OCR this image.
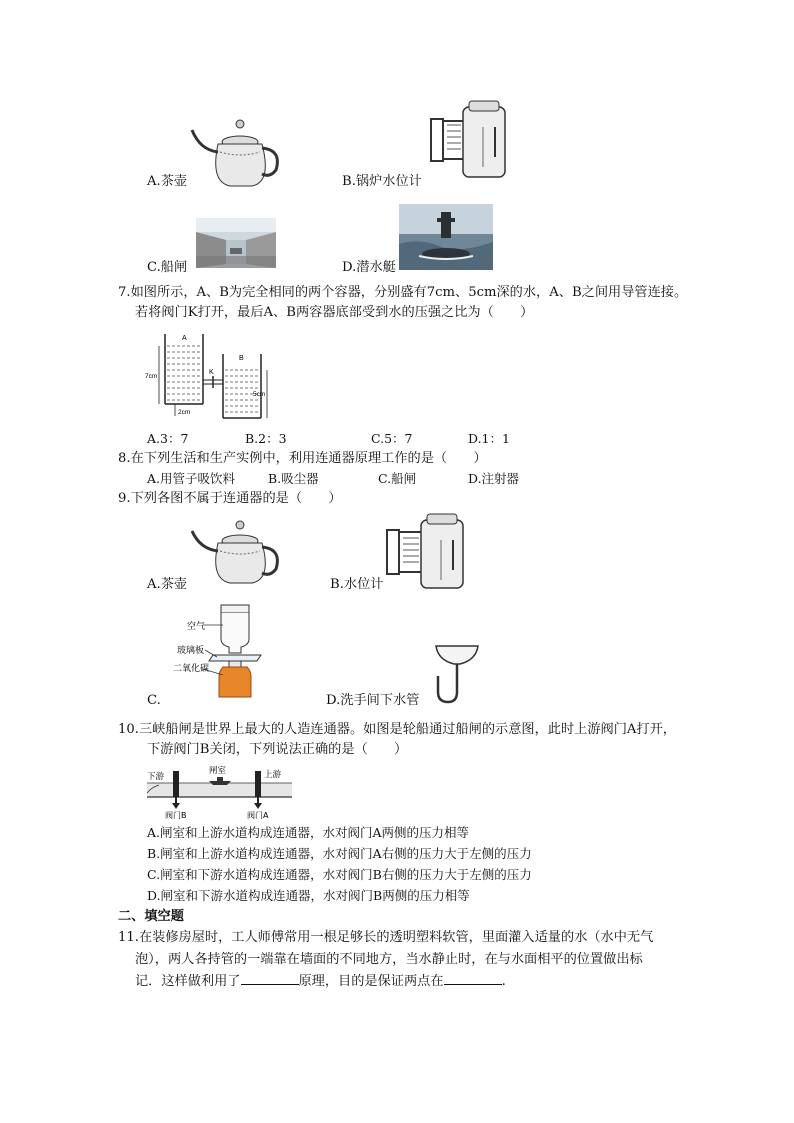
A.茶壶	B.锅炉水位计
C.船闸	D.潜水艇
7.如图所示，A、B为完全相同的两个容器，分别盛有7cm、5cm深的水，A、B之间用导管连接。
若将阀门K打开，最后A、B两容器底部受到水的压强之比为（　　）
A
B
K
7cm
5cm
2cm
A.3：7	B.2：3	C.5：7	D.1：1
8.在下列生活和生产实例中，利用连通器原理工作的是（　　）
A.用管子吸饮料	B.吸尘器	C.船闸	D.注射器
9.下列各图不属于连通器的是（　　）
A.茶壶	B.水位计
空气
玻璃板
二氧化碳
C.	D.洗手间下水管
10.三峡船闸是世界上最大的人造连通器。如图是轮船通过船闸的示意图，此时上游阀门A打开，
下游阀门B关闭，下列说法正确的是（　　）
下游
闸室	上游
阀门B	阀门A
A.闸室和上游水道构成连通器，水对阀门A两侧的压力相等
B.闸室和上游水道构成连通器，水对阀门A右侧的压力大于左侧的压力
C.闸室和下游水道构成连通器，水对阀门B右侧的压力大于左侧的压力
D.闸室和下游水道构成连通器，水对阀门B两侧的压力相等
二、填空题
11.在装修房屋时，工人师傅常用一根足够长的透明塑料软管，里面灌入适量的水（水中无气
泡），两人各持管的一端靠在墙面的不同地方，当水静止时，在与水面相平的位置做出标
记．这样做利用了	原理，目的是保证两点在	.
